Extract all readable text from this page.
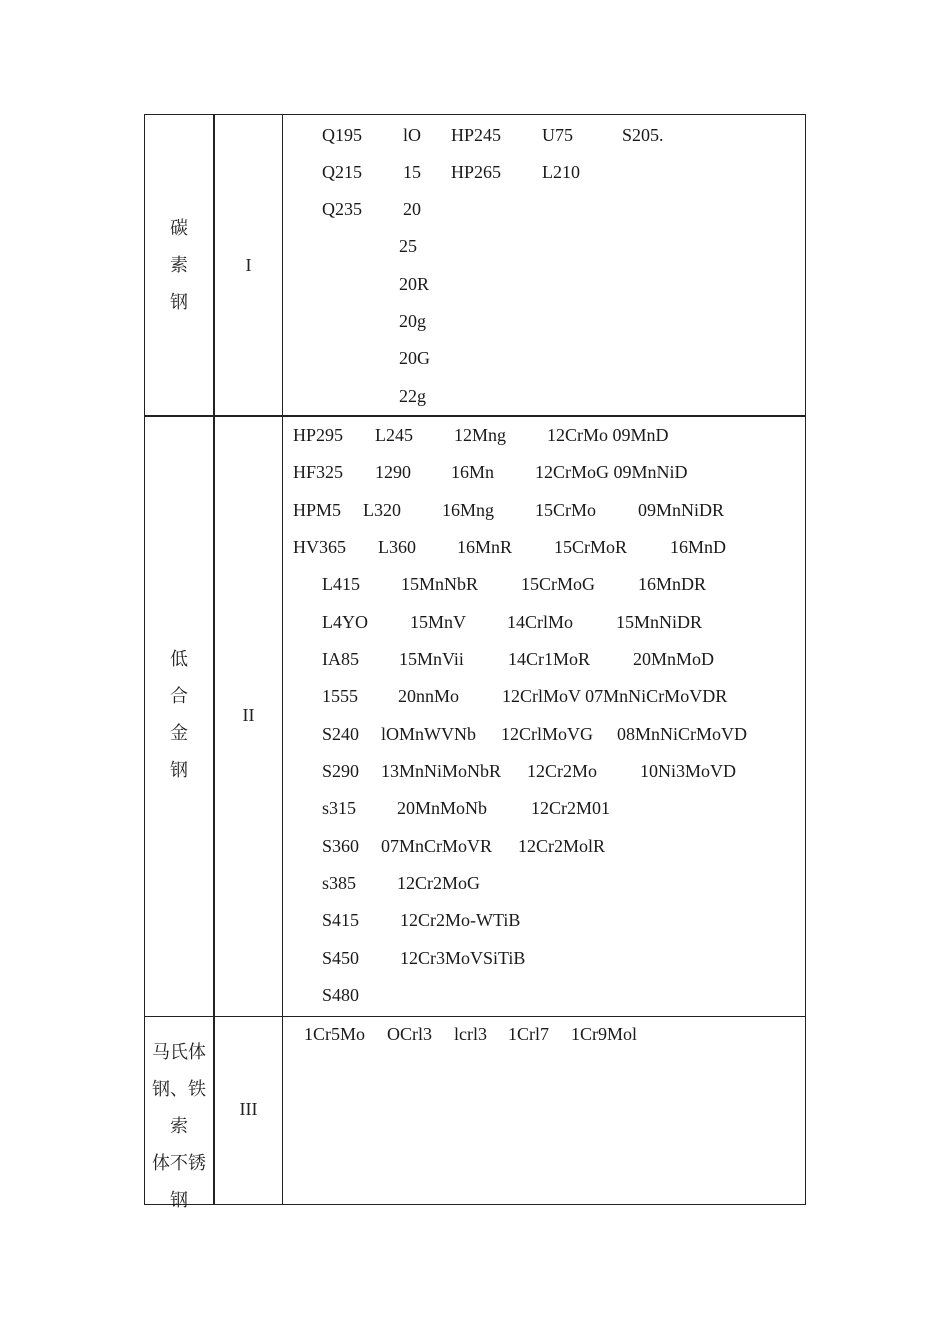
碳
素
钢
I
Q195 lO HP245 U75	S205.
Q215 15 HP265 L210
Q235 20
25
20R
20g
20G
22g
低
合
金
钢
II
HP295 L245 12Mng 12CrMo 09MnD
HF325 1290 16Mn 12CrMoG 09MnNiD
HPM5 L320 16Mng 15CrMo 09MnNiDR
HV365 L360 16MnR 15CrMoR 16MnD
L415 15MnNbR 15CrMoG 16MnDR
L4YO 15MnV 14CrlMo 15MnNiDR
IA85 15MnVii 14Cr1MoR 20MnMoD
1555 20nnMo 12CrlMoV 07MnNiCrMoVDR
S240 lOMnWVNb 12CrlMoVG 08MnNiCrMoVD
S290 13MnNiMoNbR 12Cr2Mo 10Ni3MoVD
s315 20MnMoNb 12Cr2M01
S360 07MnCrMoVR 12Cr2MolR
s385 12Cr2MoG
S415 12Cr2Mo-WTiB
S450 12Cr3MoVSiTiB
S480
马氏体
钢、铁索
体不锈
钢
III
1Cr5Mo OCrl3 lcrl3 1Crl7 1Cr9Mol
